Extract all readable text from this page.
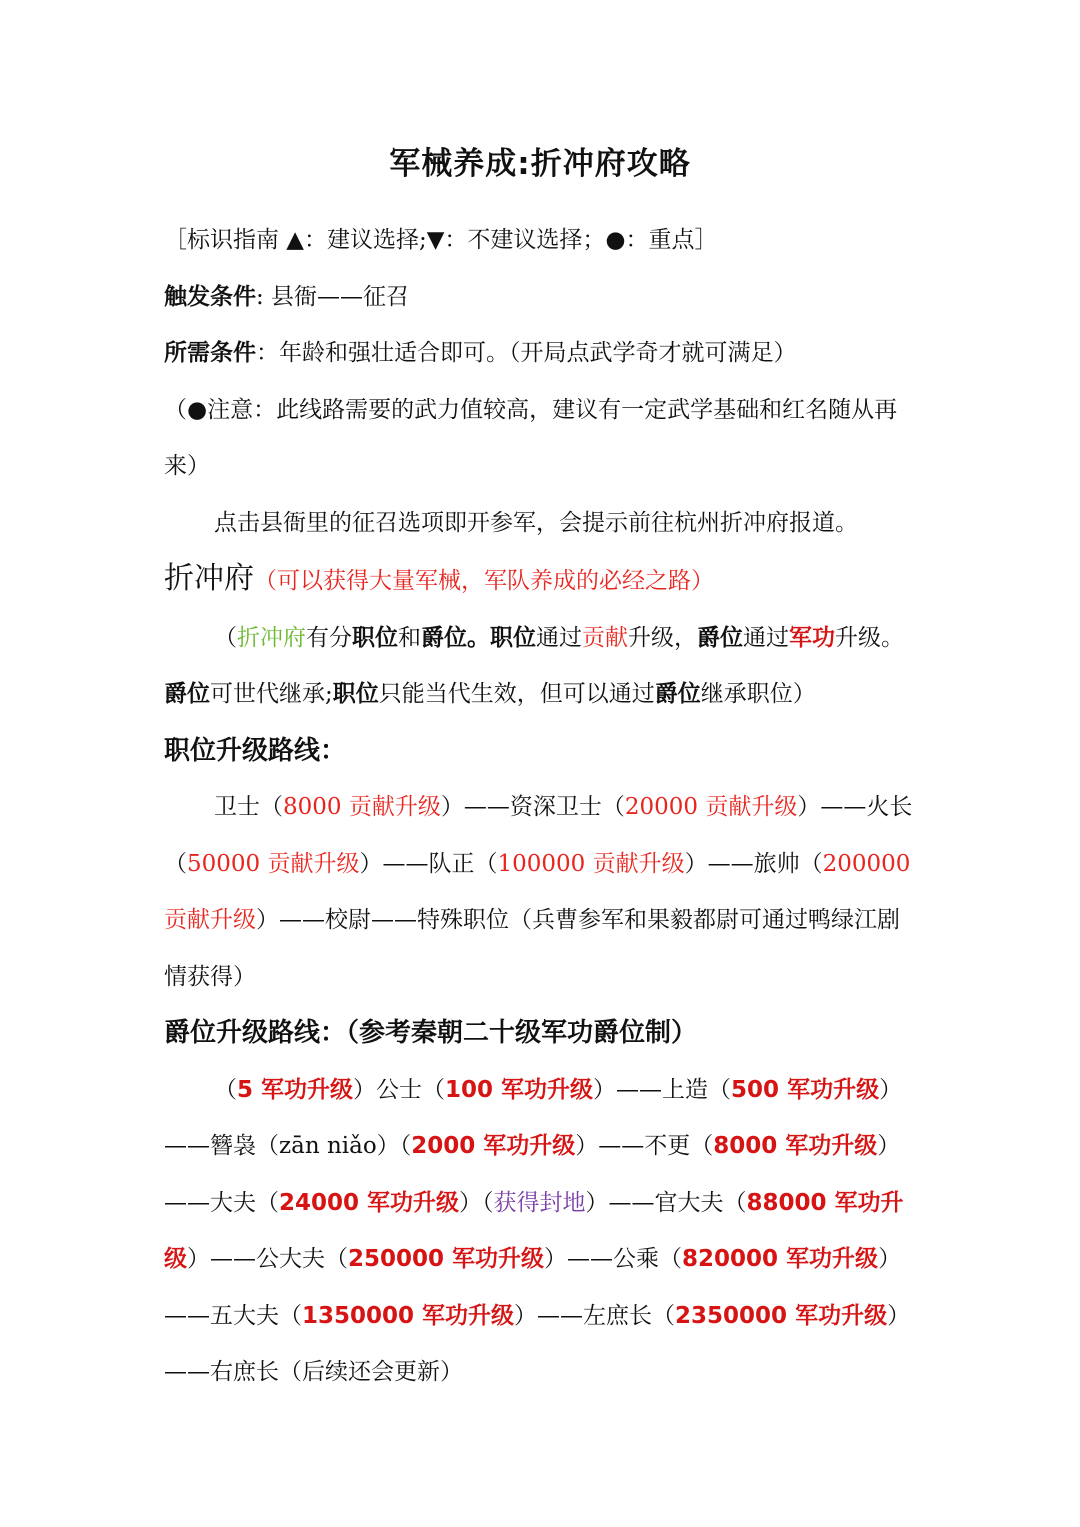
军械养成:折冲府攻略

［标识指南 ▲：建议选择;▼：不建议选择；●：重点］

触发条件: 县衙——征召

所需条件：年龄和强壮适合即可。（开局点武学奇才就可满足）

（●注意：此线路需要的武力值较高，建议有一定武学基础和红名随从再来）

点击县衙里的征召选项即开参军，会提示前往杭州折冲府报道。

折冲府（可以获得大量军械，军队养成的必经之路）

（折冲府有分职位和爵位。职位通过贡献升级，爵位通过军功升级。爵位可世代继承;职位只能当代生效，但可以通过爵位继承职位）

职位升级路线：

卫士（8000 贡献升级）——资深卫士（20000 贡献升级）——火长（50000 贡献升级）——队正（100000 贡献升级）——旅帅（200000 贡献升级）——校尉——特殊职位（兵曹参军和果毅都尉可通过鸭绿江剧情获得）

爵位升级路线：（参考秦朝二十级军功爵位制）

（5 军功升级）公士（100 军功升级）——上造（500 军功升级）——簪袅（zān niǎo）（2000 军功升级）——不更（8000 军功升级）——大夫（24000 军功升级）（获得封地）——官大夫（88000 军功升级）——公大夫（250000 军功升级）——公乘（820000 军功升级）——五大夫（1350000 军功升级）——左庶长（2350000 军功升级）——右庶长（后续还会更新）
